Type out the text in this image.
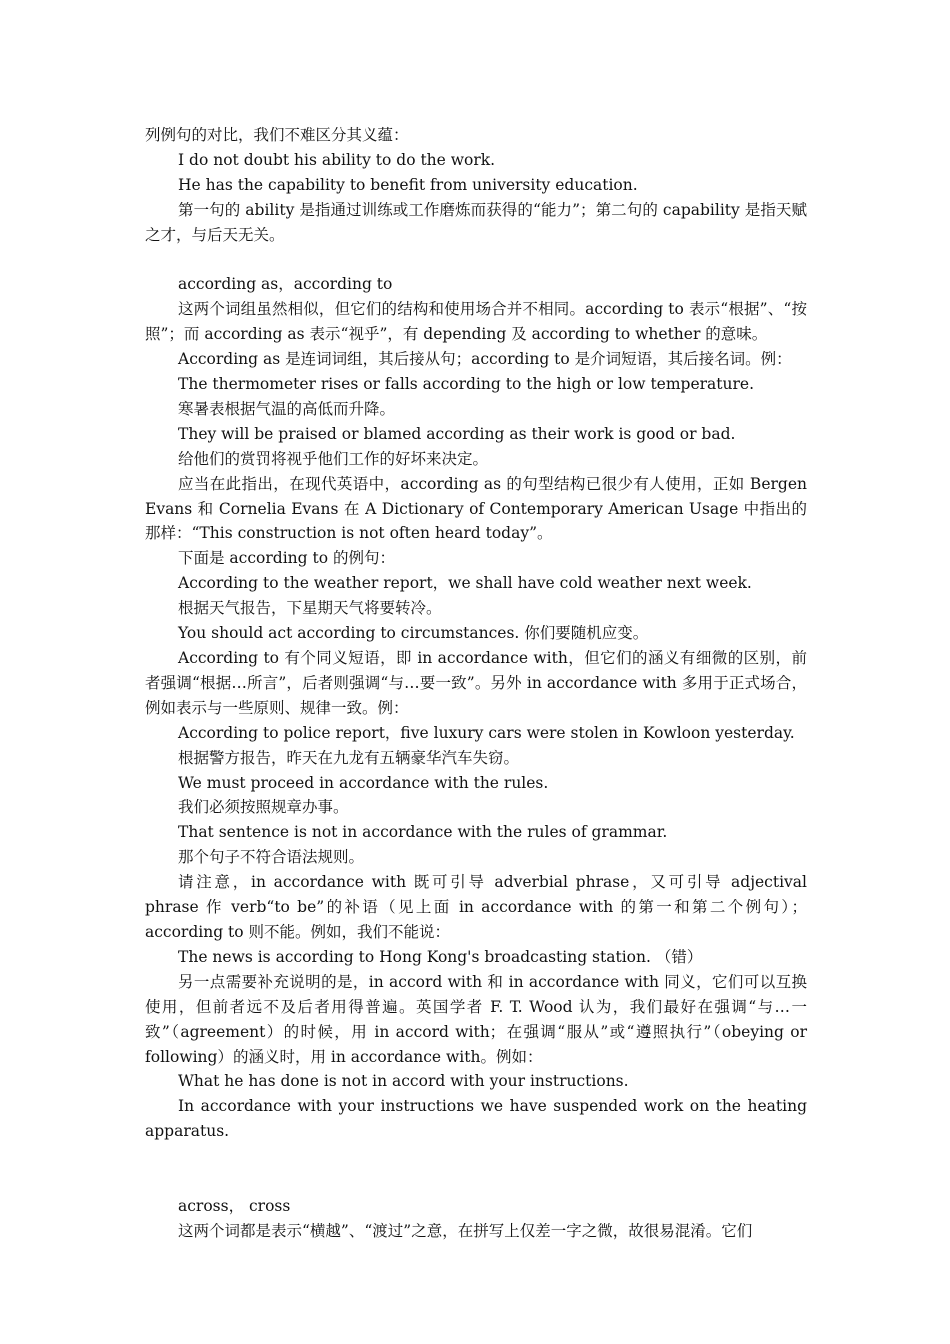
列例句的对比，我们不难区分其义蕴：

I do not doubt his ability to do the work.

He has the capability to benefit from university education.

第一句的 ability 是指通过训练或工作磨炼而获得的“能力”；第二句的 capability 是指天赋之才，与后天无关。

according as，according to

这两个词组虽然相似，但它们的结构和使用场合并不相同。according to 表示“根据”、“按照”；而 according as 表示“视乎”，有 depending 及 according to whether 的意味。

According as 是连词词组，其后接从句；according to 是介词短语，其后接名词。例：

The thermometer rises or falls according to the high or low temperature.

寒暑表根据气温的高低而升降。

They will be praised or blamed according as their work is good or bad.

给他们的赏罚将视乎他们工作的好坏来决定。

应当在此指出，在现代英语中，according as 的句型结构已很少有人使用，正如 Bergen Evans 和 Cornelia Evans 在 A Dictionary of Contemporary American Usage 中指出的那样：“This construction is not often heard today”。

下面是 according to 的例句：

According to the weather report，we shall have cold weather next week.

根据天气报告，下星期天气将要转冷。

You should act according to circumstances. 你们要随机应变。

According to 有个同义短语，即 in accordance with，但它们的涵义有细微的区别，前者强调“根据…所言”，后者则强调“与…要一致”。另外 in accordance with 多用于正式场合，例如表示与一些原则、规律一致。例：

According to police report，five luxury cars were stolen in Kowloon yesterday.

根据警方报告，昨天在九龙有五辆豪华汽车失窃。

We must proceed in accordance with the rules.

我们必须按照规章办事。

That sentence is not in accordance with the rules of grammar.

那个句子不符合语法规则。

请注意，in accordance with 既可引导 adverbial phrase，又可引导 adjectival phrase 作 verb“to be”的补语（见上面 in accordance with 的第一和第二个例句）；according to 则不能。例如，我们不能说：

The news is according to Hong Kong's broadcasting station. （错）

另一点需要补充说明的是，in accord with 和 in accordance with 同义，它们可以互换使用，但前者远不及后者用得普遍。英国学者 F. T. Wood 认为，我们最好在强调“与…一致”（agreement）的时候，用 in accord with；在强调“服从”或“遵照执行”（obeying or following）的涵义时，用 in accordance with。例如：

What he has done is not in accord with your instructions.

In accordance with your instructions we have suspended work on the heating apparatus.

across， cross

这两个词都是表示“横越”、“渡过”之意，在拼写上仅差一字之微，故很易混淆。它们
